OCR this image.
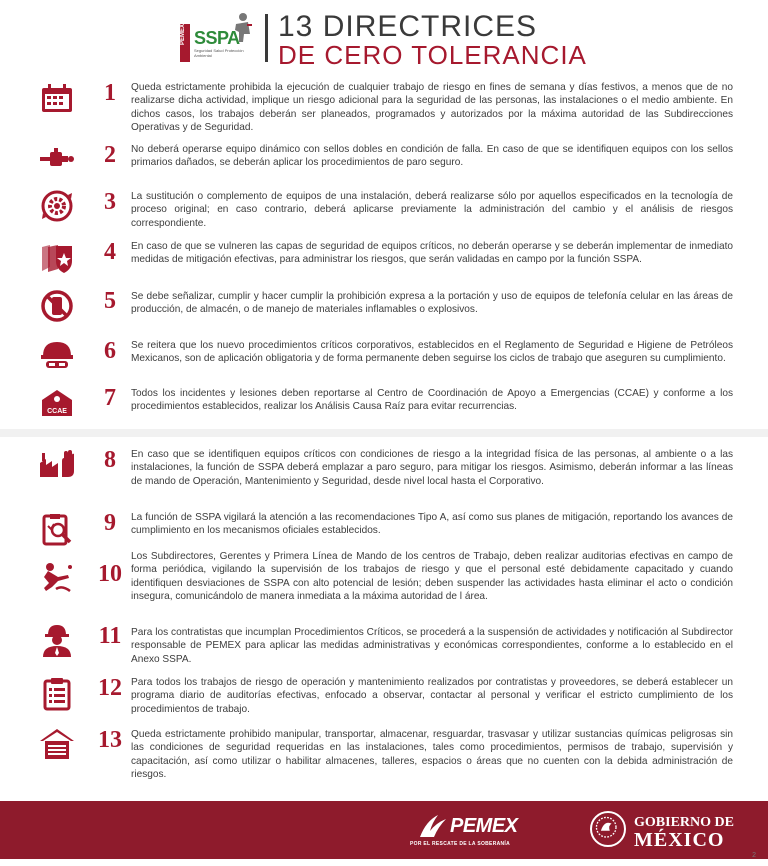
PEMEX SSPA
Seguridad Salud Protección Ambiental
13 DIRECTRICES
DE CERO TOLERANCIA
1	Queda estrictamente prohibida la ejecución de cualquier trabajo de riesgo en fines de semana y días festivos, a menos que de no realizarse dicha actividad, implique un riesgo adicional para la seguridad de las personas, las instalaciones o el medio ambiente. En dichos casos, los trabajos deberán ser planeados, programados y autorizados por la máxima autoridad de las Subdirecciones Operativas y de Seguridad.
2	No deberá operarse equipo dinámico con sellos dobles en condición de falla. En caso de que se identifiquen equipos con los sellos primarios dañados, se deberán aplicar los procedimientos de paro seguro.
3	La sustitución o complemento de equipos de una instalación, deberá realizarse sólo por aquellos especificados en la tecnología de proceso original; en caso contrario, deberá aplicarse previamente la administración del cambio y el análisis de riesgos correspondiente.
4	En caso de que se vulneren las capas de seguridad de equipos críticos, no deberán operarse y se deberán implementar de inmediato medidas de mitigación efectivas, para administrar los riesgos, que serán validadas en campo por la función SSPA.
5	Se debe señalizar, cumplir y hacer cumplir la prohibición expresa a la portación y uso de equipos de telefonía celular en las áreas de producción, de almacén, o de manejo de materiales inflamables o explosivos.
6	Se reitera que los nuevo procedimientos críticos corporativos, establecidos en el Reglamento de Seguridad e Higiene de Petróleos Mexicanos, son de aplicación obligatoria y de forma permanente deben seguirse los ciclos de trabajo que aseguren su cumplimiento.
CCAE
7	Todos los incidentes y lesiones deben reportarse al Centro de Coordinación de Apoyo a Emergencias (CCAE) y conforme a los procedimientos establecidos, realizar los Análisis Causa Raíz para evitar recurrencias.
8	En caso que se identifiquen equipos críticos con condiciones de riesgo a la integridad física de las personas, al ambiente o a las instalaciones, la función de SSPA deberá emplazar a paro seguro, para mitigar los riesgos. Asimismo, deberán informar a las líneas de mando de Operación, Mantenimiento y Seguridad, desde nivel local hasta el Corporativo.
9	La función de SSPA vigilará la atención a las recomendaciones Tipo A, así como sus planes de mitigación, reportando los avances de cumplimiento en los mecanismos oficiales establecidos.
10
Los Subdirectores, Gerentes y Primera Línea de Mando de los centros de Trabajo, deben realizar auditorias efectivas en campo de forma periódica, vigilando la supervisión de los trabajos de riesgo y que el personal esté debidamente capacitado y cuando identifiquen desviaciones de SSPA con alto potencial de lesión; deben suspender las actividades hasta eliminar el acto o condición insegura, comunicándolo de manera inmediata a la máxima autoridad de l área.
11 Para los contratistas que incumplan Procedimientos Críticos, se procederá a la suspensión de actividades y notificación al Subdirector responsable de PEMEX para aplicar las medidas administrativas y económicas correspondientes, conforme a lo establecido en el Anexo SSPA.
12 Para todos los trabajos de riesgo de operación y mantenimiento realizados por contratistas y proveedores, se deberá establecer un programa diario de auditorías efectivas, enfocado a observar, contactar al personal y verificar el estricto cumplimiento de los procedimientos de trabajo.
13 Queda estrictamente prohibido manipular, transportar, almacenar, resguardar, trasvasar y utilizar sustancias químicas peligrosas sin las condiciones de seguridad requeridas en las instalaciones, tales como procedimientos, permisos de trabajo, supervisión y capacitación, así como utilizar o habilitar almacenes, talleres, espacios o áreas que no cuenten con la debida administración de riesgos.
PEMEX
POR EL RESCATE DE LA SOBERANÍA
GOBIERNO DE
MÉXICO
2
